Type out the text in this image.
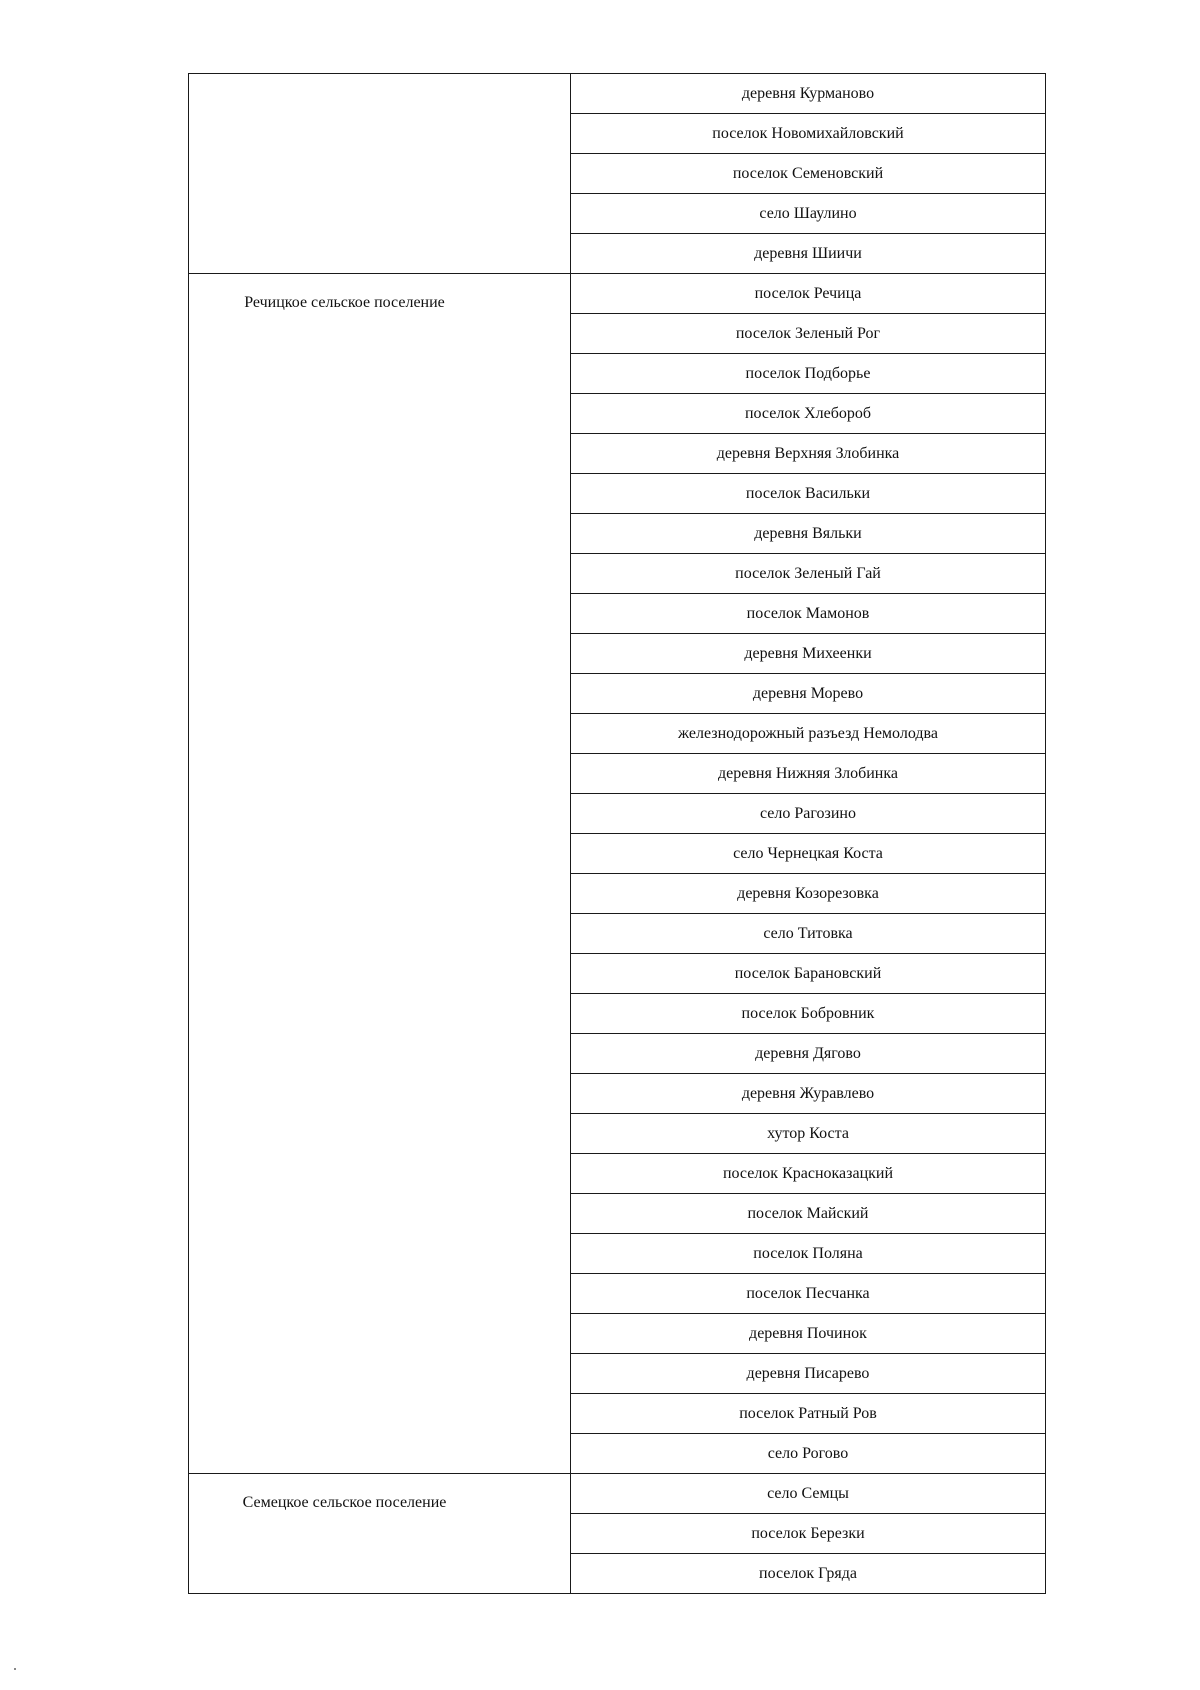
	деревня Курманово
	поселок Новомихайловский
	поселок Семеновский
	село Шаулино
	деревня Шиичи
Речицкое сельское поселение	поселок Речица
	поселок Зеленый Рог
	поселок Подборье
	поселок Хлебороб
	деревня Верхняя Злобинка
	поселок Васильки
	деревня Вяльки
	поселок Зеленый Гай
	поселок Мамонов
	деревня Михеенки
	деревня Морево
	железнодорожный разъезд Немолодва
	деревня Нижняя Злобинка
	село Рагозино
	село Чернецкая Коста
	деревня Козорезовка
	село Титовка
	поселок Барановский
	поселок Бобровник
	деревня Дягово
	деревня Журавлево
	хутор Коста
	поселок Краснoказацкий
	поселок Майский
	поселок Поляна
	поселок Песчанка
	деревня Починок
	деревня Писарево
	поселок Ратный Ров
	село Рогово
Семецкое сельское поселение	село Семцы
	поселок Березки
	поселок Гряда
